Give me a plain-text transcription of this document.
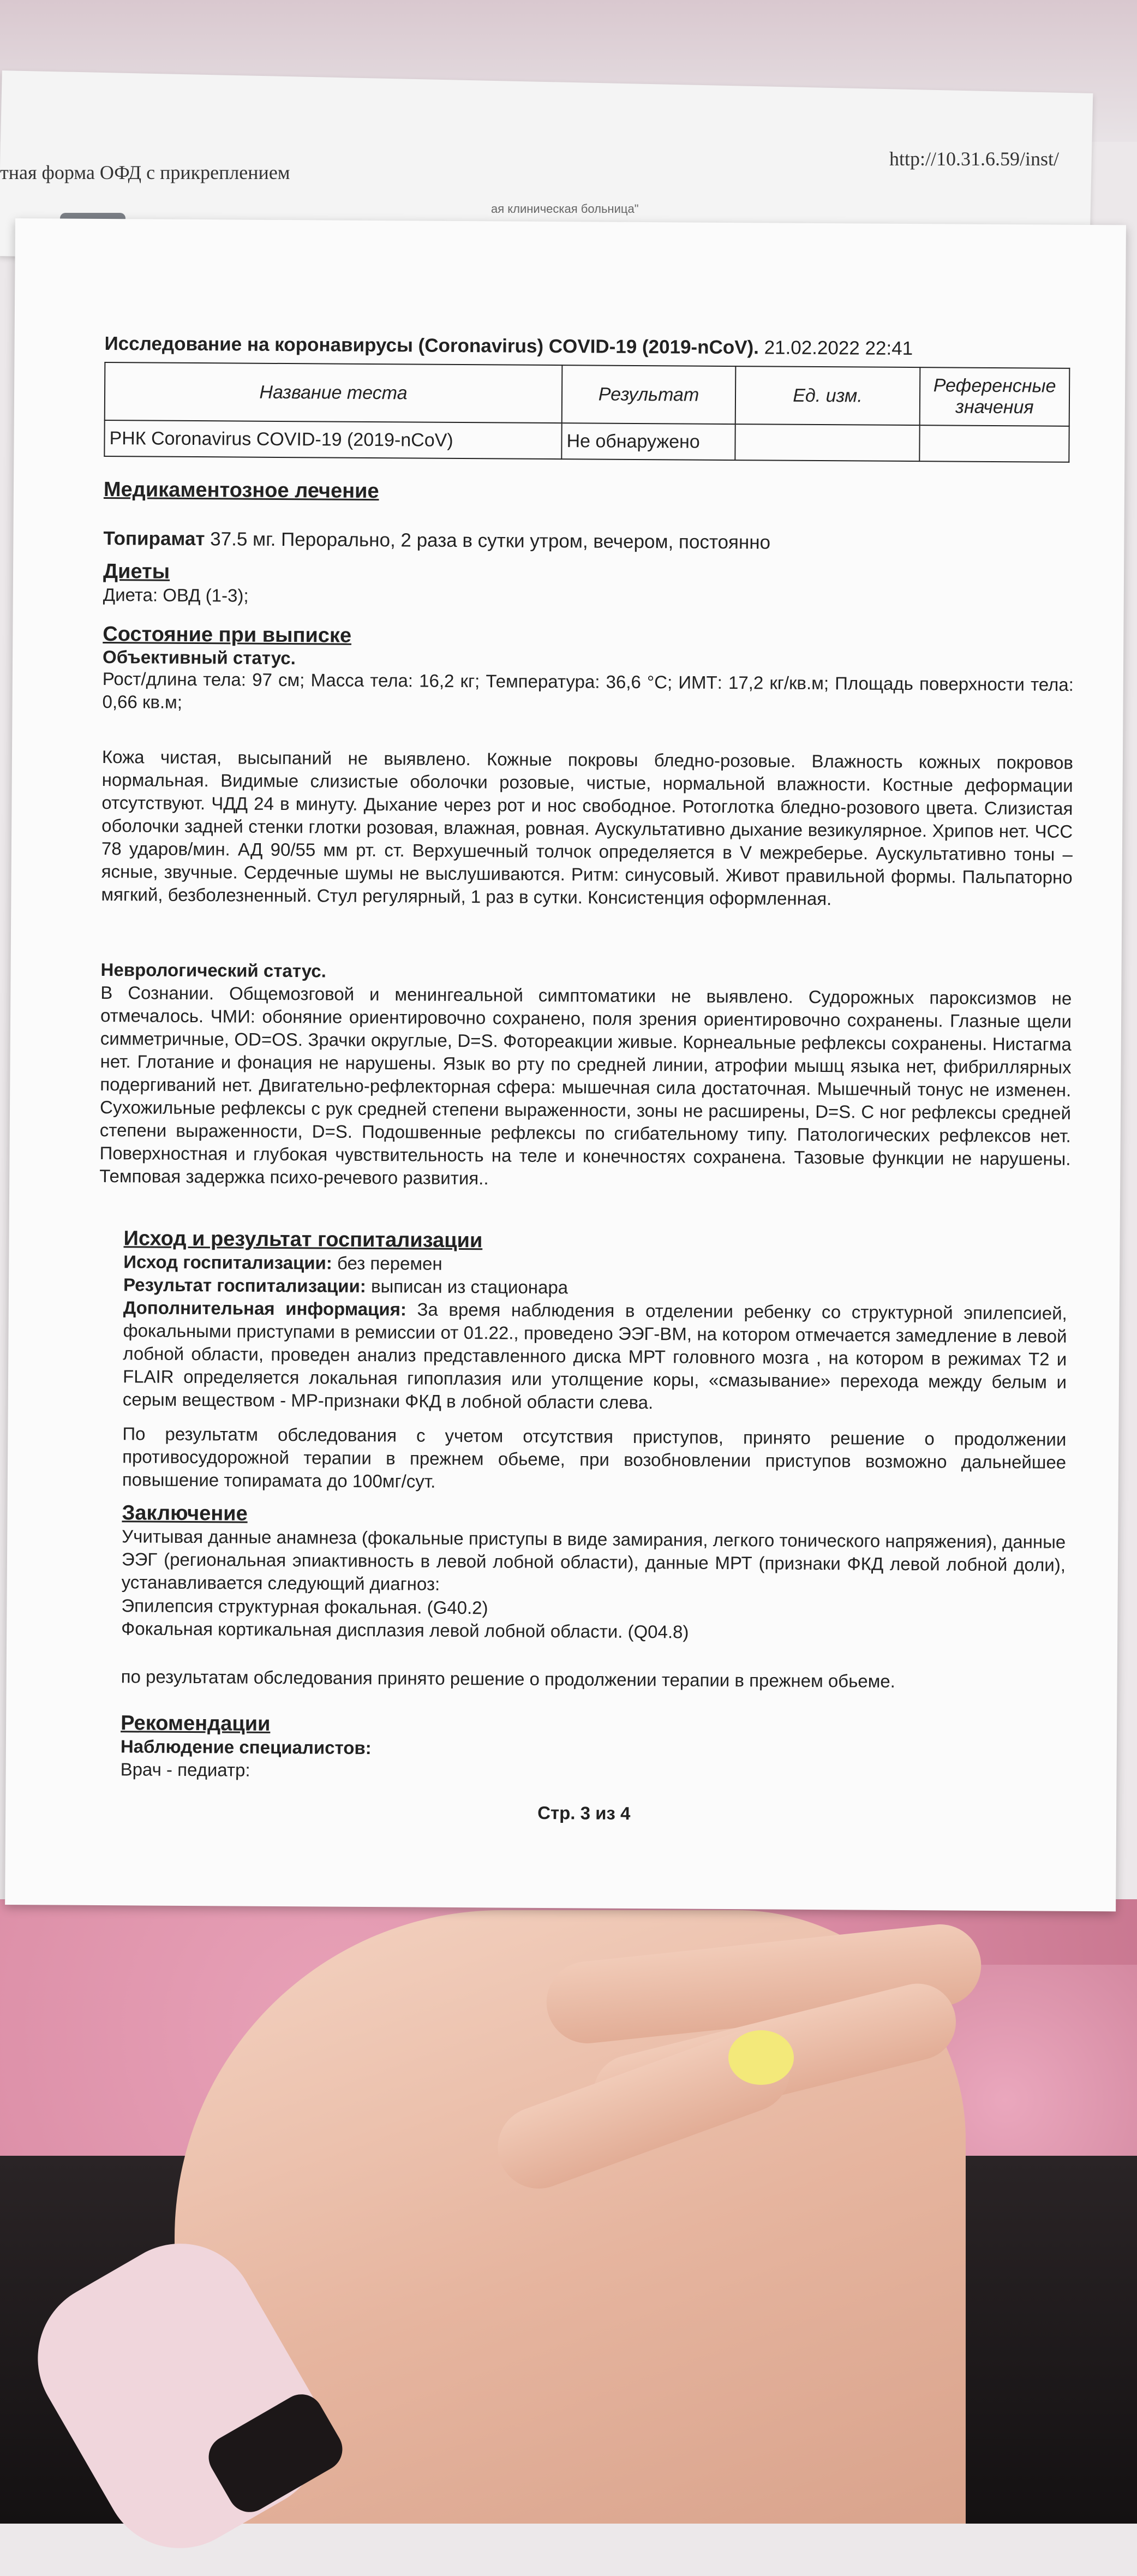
тная форма ОФД с прикреплением
http://10.31.6.59/inst/
ая клиническая больница"
Исследование на коронавирусы (Coronavirus) COVID-19 (2019-nCoV). 21.02.2022 22:41
Название теста	Результат	Ед. изм.	Референсные значения
РНК Coronavirus COVID-19 (2019-nCoV)	Не обнаружено		
Медикаментозное лечение
Топирамат 37.5 мг. Перорально, 2 раза в сутки утром, вечером, постоянно
Диеты
Диета: ОВД (1-3);
Состояние при выписке
Объективный статус.
Рост/длина тела: 97 см; Масса тела: 16,2 кг; Температура: 36,6 °С; ИМТ: 17,2 кг/кв.м; Площадь поверхности тела: 0,66 кв.м;
Кожа чистая, высыпаний не выявлено. Кожные покровы бледно-розовые. Влажность кожных покровов нормальная. Видимые слизистые оболочки розовые, чистые, нормальной влажности. Костные деформации отсутствуют. ЧДД 24 в минуту. Дыхание через рот и нос свободное. Ротоглотка бледно-розового цвета. Слизистая оболочки задней стенки глотки розовая, влажная, ровная. Аускультативно дыхание везикулярное. Хрипов нет. ЧСС 78 ударов/мин. АД 90/55 мм рт. ст. Верхушечный толчок определяется в V межреберье. Аускультативно тоны – ясные, звучные. Сердечные шумы не выслушиваются. Ритм: синусовый. Живот правильной формы. Пальпаторно мягкий, безболезненный. Стул регулярный, 1 раз в сутки. Консистенция оформленная.
Неврологический статус.
В Сознании. Общемозговой и менингеальной симптоматики не выявлено. Судорожных пароксизмов не отмечалось. ЧМИ: обоняние ориентировочно сохранено, поля зрения ориентировочно сохранены. Глазные щели симметричные, OD=OS. Зрачки округлые, D=S. Фотореакции живые. Корнеальные рефлексы сохранены. Нистагма нет. Глотание и фонация не нарушены. Язык во рту по средней линии, атрофии мышц языка нет, фибриллярных подергиваний нет. Двигательно-рефлекторная сфера: мышечная сила достаточная. Мышечный тонус не изменен. Сухожильные рефлексы с рук средней степени выраженности, зоны не расширены, D=S. С ног рефлексы средней степени выраженности, D=S. Подошвенные рефлексы по сгибательному типу. Патологических рефлексов нет. Поверхностная и глубокая чувствительность на теле и конечностях сохранена. Тазовые функции не нарушены. Темповая задержка психо-речевого развития..
Исход и результат госпитализации
Исход госпитализации: без перемен
Результат госпитализации: выписан из стационара
Дополнительная информация: За время наблюдения в отделении ребенку со структурной эпилепсией, фокальными приступами в ремиссии от 01.22., проведено ЭЭГ-ВМ, на котором отмечается замедление в левой лобной области, проведен анализ представленного диска МРТ головного мозга , на котором в режимах Т2 и FLAIR определяется локальная гипоплазия или утолщение коры, «смазывание» перехода между белым и серым веществом - МР-признаки ФКД в лобной области слева.
По результатм обследования с учетом отсутствия приступов, принято решение о продолжении противосудорожной терапии в прежнем обьеме, при возобновлении приступов возможно дальнейшее повышение топирамата до 100мг/сут.
Заключение
Учитывая данные анамнеза (фокальные приступы в виде замирания, легкого тонического напряжения), данные ЭЭГ (региональная эпиактивность в левой лобной области), данные МРТ (признаки ФКД левой лобной доли), устанавливается следующий диагноз:
Эпилепсия структурная фокальная. (G40.2)
Фокальная кортикальная дисплазия левой лобной области. (Q04.8)
по результатам обследования принято решение о продолжении терапии в прежнем обьеме.
Рекомендации
Наблюдение специалистов:
Врач - педиатр:
Стр. 3 из 4
